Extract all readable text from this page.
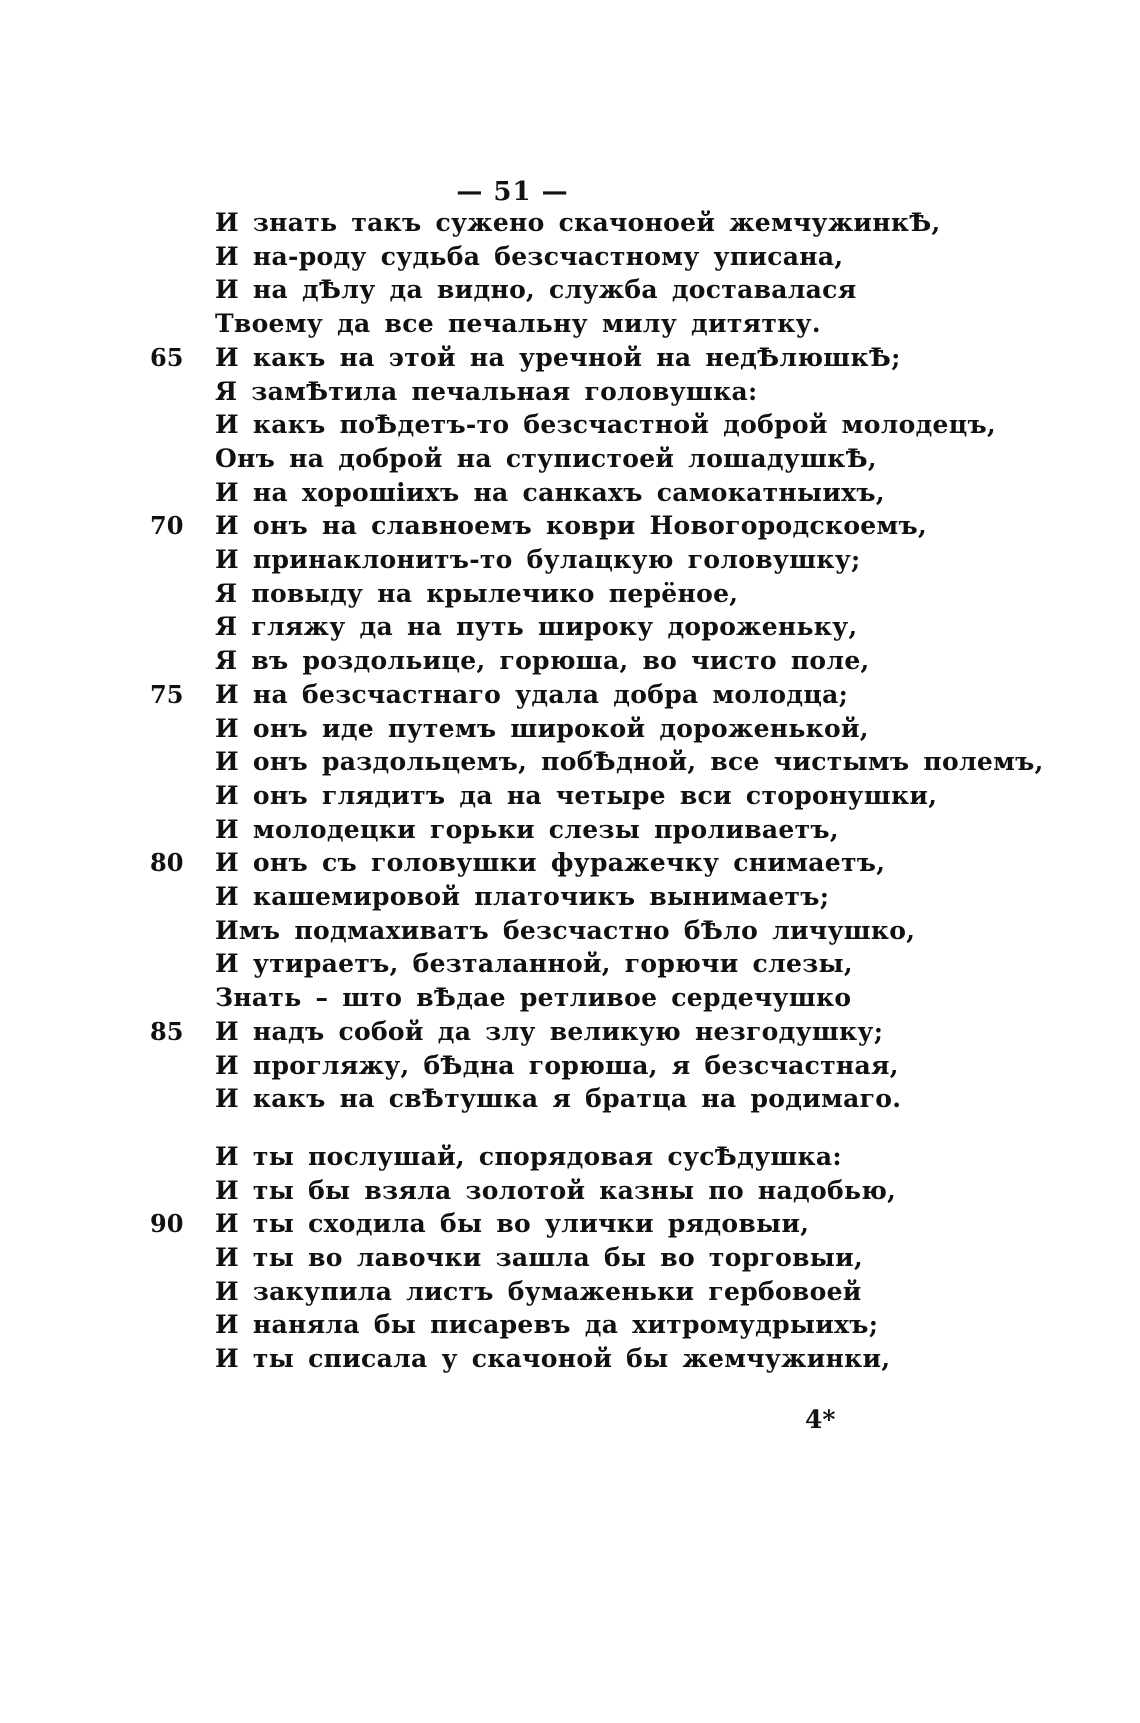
— 51 —
И знать такъ сужено скачоноей жемчужинкѢ,
И на-роду судьба безсчастному уписана,
И на дѢлу да видно, служба доставалася
Твоему да все печальну милу дитятку.
65	И какъ на этой на уречной на недѢлюшкѢ;
Я замѢтила печальная головушка:
И какъ поѢдетъ-то безсчастной доброй молодецъ,
Онъ на доброй на ступистоей лошадушкѢ,
И на хорошiихъ на санкахъ самокатныихъ,
70	И онъ на славноемъ коври Новогородскоемъ,
И принаклонитъ-то булацкую головушку;
Я повыду на крылечико перёное,
Я гляжу да на путь широку дороженьку,
Я въ роздольице, горюша, во чисто поле,
75	И на безсчастнаго удала добра молодца;
И онъ иде путемъ широкой дороженькой,
И онъ раздольцемъ, побѢдной, все чистымъ полемъ,
И онъ глядитъ да на четыре вси сторонушки,
И молодецки горьки слезы проливаетъ,
80	И онъ съ головушки фуражечку снимаетъ,
И кашемировой платочикъ вынимаетъ;
Имъ подмахиватъ безсчастно бѢло личушко,
И утираетъ, безталанной, горючи слезы,
Знать – што вѢдае ретливое сердечушко
85	И надъ собой да злу великую незгодушку;
И прогляжу, бѢдна горюша, я безсчастная,
И какъ на свѢтушка я братца на родимаго.
И ты послушай, спорядовая сусѢдушка:
И ты бы взяла золотой казны по надобью,
90	И ты сходила бы во улички рядовыи,
И ты во лавочки зашла бы во торговыи,
И закупила листъ бумаженьки гербовоей
И наняла бы писаревъ да хитромудрыихъ;
И ты списала у скачоной бы жемчужинки,
4*
